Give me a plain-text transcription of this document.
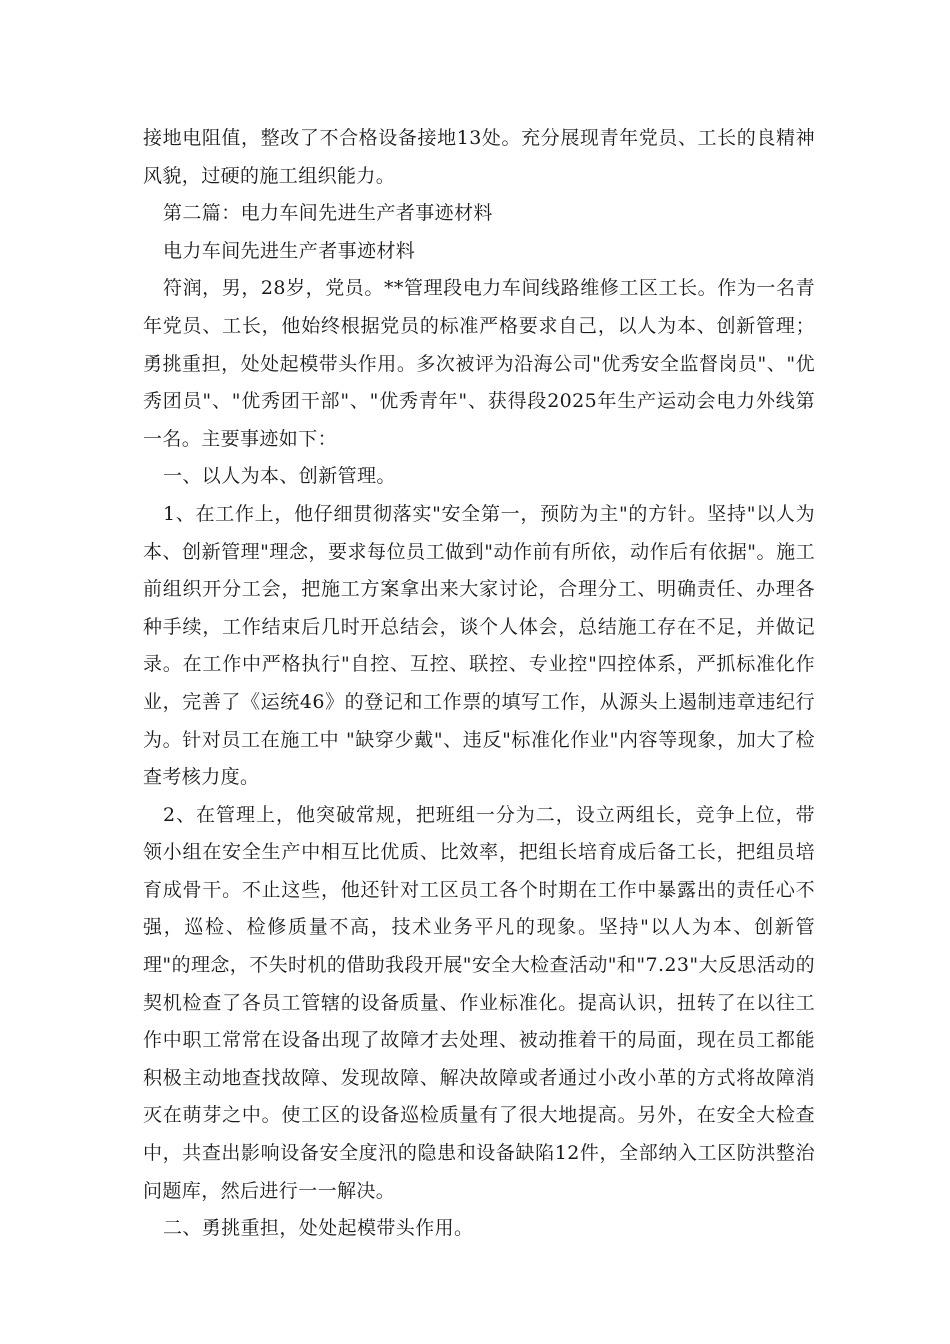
接地电阻值，整改了不合格设备接地13处。充分展现青年党员、工长的良精神风貌，过硬的施工组织能力。

第二篇：电力车间先进生产者事迹材料

电力车间先进生产者事迹材料

符润，男，28岁，党员。**管理段电力车间线路维修工区工长。作为一名青年党员、工长，他始终根据党员的标准严格要求自己，以人为本、创新管理；勇挑重担，处处起模带头作用。多次被评为沿海公司"优秀安全监督岗员"、"优秀团员"、"优秀团干部"、"优秀青年"、获得段2025年生产运动会电力外线第一名。主要事迹如下：

一、以人为本、创新管理。

1、在工作上，他仔细贯彻落实"安全第一，预防为主"的方针。坚持"以人为本、创新管理"理念，要求每位员工做到"动作前有所依，动作后有依据"。施工前组织开分工会，把施工方案拿出来大家讨论，合理分工、明确责任、办理各种手续，工作结束后几时开总结会，谈个人体会，总结施工存在不足，并做记录。在工作中严格执行"自控、互控、联控、专业控"四控体系，严抓标准化作业，完善了《运统46》的登记和工作票的填写工作，从源头上遏制违章违纪行为。针对员工在施工中 "缺穿少戴"、违反"标准化作业"内容等现象，加大了检查考核力度。

2、在管理上，他突破常规，把班组一分为二，设立两组长，竞争上位，带领小组在安全生产中相互比优质、比效率，把组长培育成后备工长，把组员培育成骨干。不止这些，他还针对工区员工各个时期在工作中暴露出的责任心不强，巡检、检修质量不高，技术业务平凡的现象。坚持"以人为本、创新管理"的理念，不失时机的借助我段开展"安全大检查活动"和"7.23"大反思活动的契机检查了各员工管辖的设备质量、作业标准化。提高认识，扭转了在以往工作中职工常常在设备出现了故障才去处理、被动推着干的局面，现在员工都能积极主动地查找故障、发现故障、解决故障或者通过小改小革的方式将故障消灭在萌芽之中。使工区的设备巡检质量有了很大地提高。另外，在安全大检查中，共查出影响设备安全度汛的隐患和设备缺陷12件，全部纳入工区防洪整治问题库，然后进行一一解决。

二、勇挑重担，处处起模带头作用。
